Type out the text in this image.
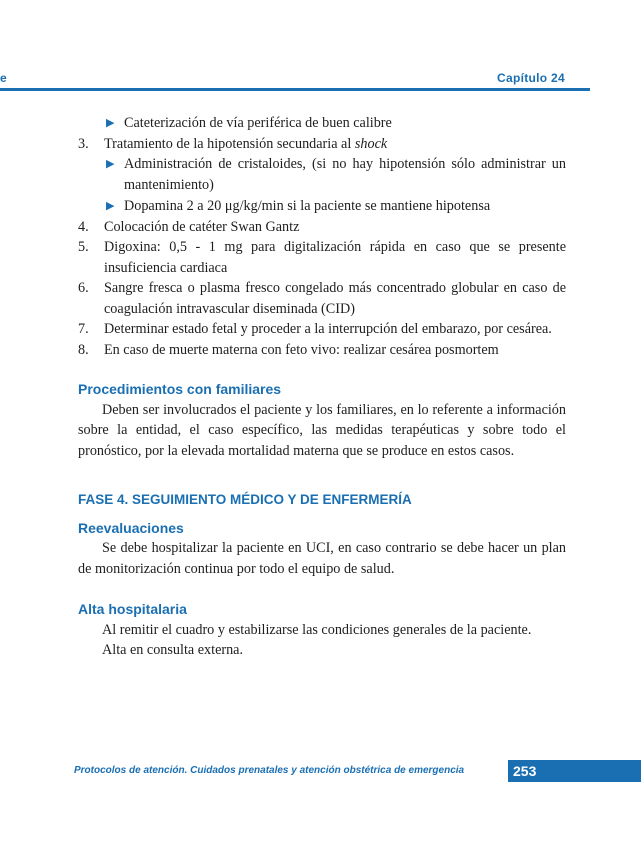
e	Capítulo 24
▶ Cateterización de vía periférica de buen calibre
3. Tratamiento de la hipotensión secundaria al shock
▶ Administración de cristaloides, (si no hay hipotensión sólo administrar un mantenimiento)
▶ Dopamina 2 a 20 μg/kg/min si la paciente se mantiene hipotensa
4. Colocación de catéter Swan Gantz
5. Digoxina: 0,5 - 1 mg para digitalización rápida en caso que se presente insuficiencia cardiaca
6. Sangre fresca o plasma fresco congelado más concentrado globular en caso de coagulación intravascular diseminada (CID)
7. Determinar estado fetal y proceder a la interrupción del embarazo, por cesárea.
8. En caso de muerte materna con feto vivo: realizar cesárea posmortem
Procedimientos con familiares
Deben ser involucrados el paciente y los familiares, en lo referente a información sobre la entidad, el caso específico, las medidas terapéuticas y sobre todo el pronóstico, por la elevada mortalidad materna que se produce en estos casos.
FASE 4. SEGUIMIENTO MÉDICO Y DE ENFERMERÍA
Reevaluaciones
Se debe hospitalizar la paciente en UCI, en caso contrario se debe hacer un plan de monitorización continua por todo el equipo de salud.
Alta hospitalaria
Al remitir el cuadro y estabilizarse las condiciones generales de la paciente.
Alta en consulta externa.
Protocolos de atención. Cuidados prenatales y atención obstétrica de emergencia	253
